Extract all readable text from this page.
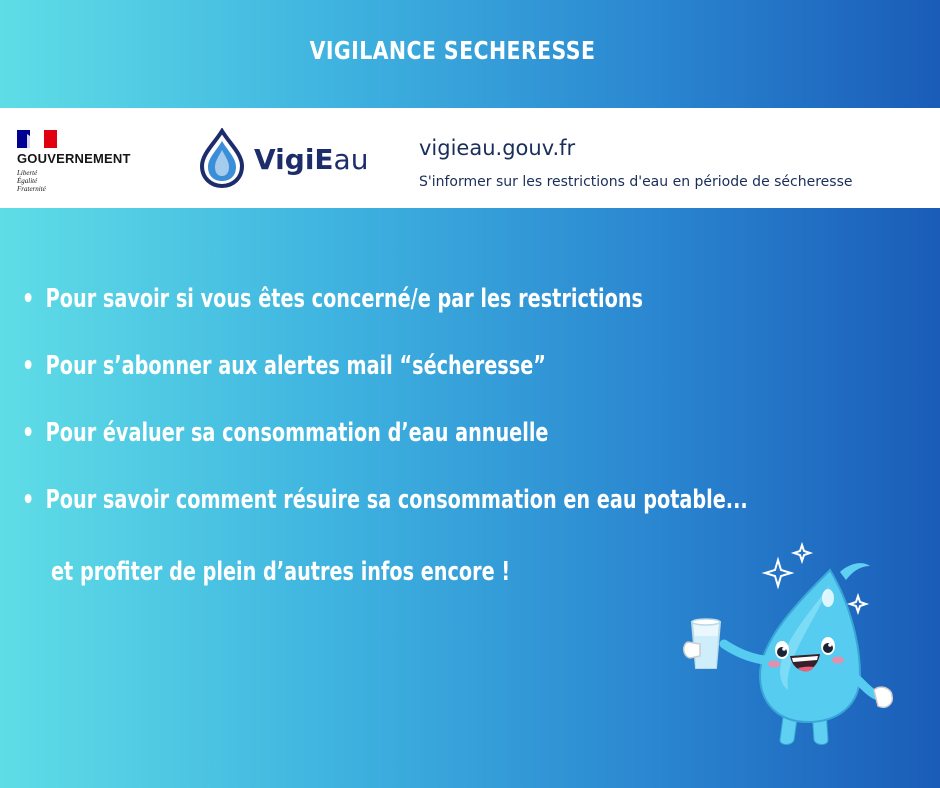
VIGILANCE SECHERESSE
GOUVERNEMENT
Liberté
Égalité
Fraternité
VigiEau vigieau.gouv.fr
S'informer sur les restrictions d'eau en période de sécheresse
• Pour savoir si vous êtes concerné/e par les restrictions
• Pour s’abonner aux alertes mail “sécheresse”
• Pour évaluer sa consommation d’eau annuelle
• Pour savoir comment résuire sa consommation en eau potable...
et profiter de plein d’autres infos encore !
